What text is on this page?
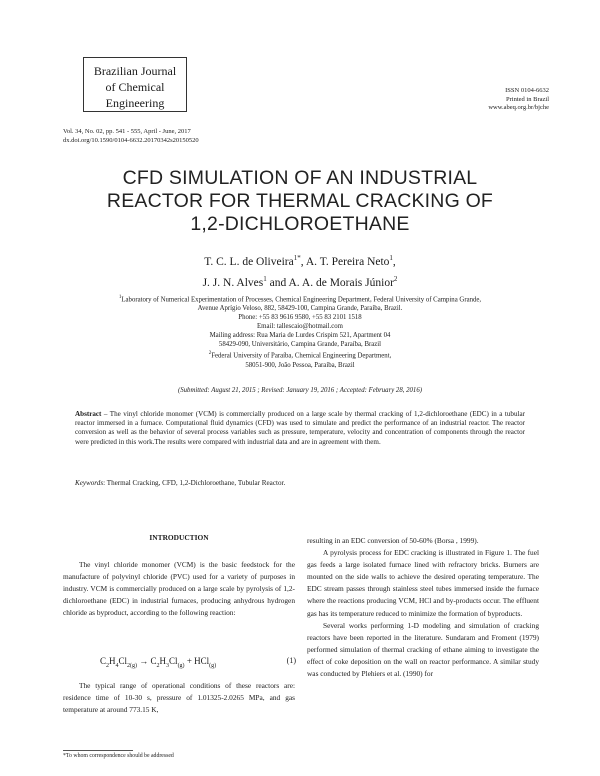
Brazilian Journal
of Chemical
Engineering
ISSN 0104-6632
Printed in Brazil
www.abeq.org.br/bjche
Vol. 34, No. 02, pp. 541 - 555, April - June, 2017
dx.doi.org/10.1590/0104-6632.20170342s20150520
CFD SIMULATION OF AN INDUSTRIAL
REACTOR FOR THERMAL CRACKING OF
1,2-DICHLOROETHANE
T. C. L. de Oliveira$^{1*}$, A. T. Pereira Neto$^1$,
J. J. N. Alves$^1$ and A. A. de Morais Júnior$^2$
$^1$Laboratory of Numerical Experimentation of Processes, Chemical Engineering Department, Federal University of Campina Grande,
Avenue Aprígio Veloso, 882, 58429-100, Campina Grande, Paraíba, Brazil.
Phone: +55 83 9616 9580, +55 83 2101 1518
Email: tallescaio@hotmail.com
Mailing address: Rua Maria de Lurdes Crispim 521, Apartment 04
58429-090, Universitário, Campina Grande, Paraíba, Brazil
$^2$Federal University of Paraíba, Chemical Engineering Department,
58051-900, João Pessoa, Paraíba, Brazil
(Submitted: August 21, 2015 ; Revised: January 19, 2016 ; Accepted: February 28, 2016)
Abstract – The vinyl chloride monomer (VCM) is commercially produced on a large scale by thermal cracking of 1,2-dichloroethane (EDC) in a tubular reactor immersed in a furnace. Computational fluid dynamics (CFD) was used to simulate and predict the performance of an industrial reactor. The reactor conversion as well as the behavior of several process variables such as pressure, temperature, velocity and concentration of components through the reactor were predicted in this work.The results were compared with industrial data and are in agreement with them.
Keywords: Thermal Cracking, CFD, 1,2-Dichloroethane, Tubular Reactor.
INTRODUCTION

The vinyl chloride monomer (VCM) is the basic feedstock for the manufacture of polyvinyl chloride (PVC) used for a variety of purposes in industry. VCM is commercially produced on a large scale by pyrolysis of 1,2-dichloroethane (EDC) in industrial furnaces, producing anhydrous hydrogen chloride as byproduct, according to the following reaction:

$C_2H_4Cl_{2(g)} \to C_2H_3Cl_{(g)} + HCl_{(g)}$
(1)

The typical range of operational conditions of these reactors are: residence time of 10-30 s, pressure of 1.01325-2.0265 MPa, and gas temperature at around 773.15 K,

resulting in an EDC conversion of 50-60% (Borsa , 1999).

A pyrolysis process for EDC cracking is illustrated in Figure 1. The fuel gas feeds a large isolated furnace lined with refractory bricks. Burners are mounted on the side walls to achieve the desired operating temperature. The EDC stream passes through stainless steel tubes immersed inside the furnace where the reactions producing VCM, HCl and by-products occur. The effluent gas has its temperature reduced to minimize the formation of byproducts.

Several works performing 1-D modeling and simulation of cracking reactors have been reported in the literature. Sundaram and Froment (1979) performed simulation of thermal cracking of ethane aiming to investigate the effect of coke deposition on the wall on reactor performance. A similar study was conducted by Plehiers et al. (1990) for

*To whom correspondence should be addressed
